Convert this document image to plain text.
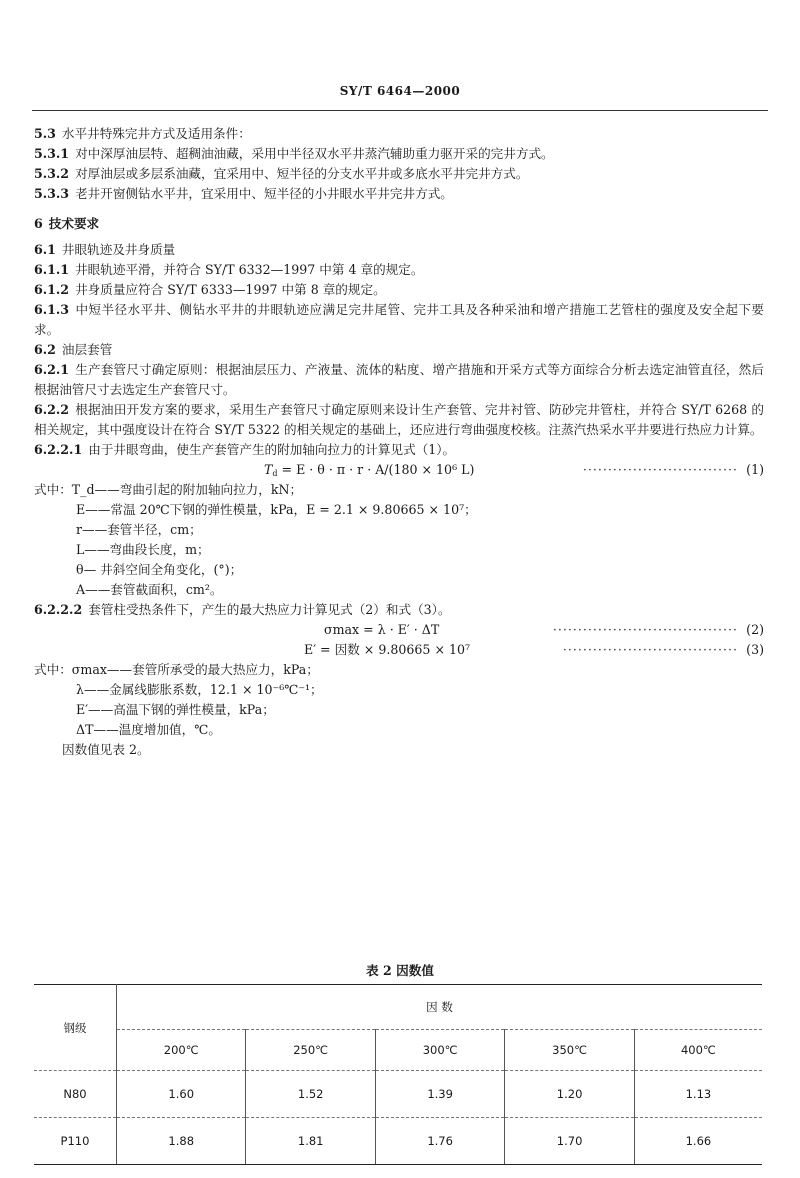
SY/T 6464—2000
5.3 水平井特殊完井方式及适用条件：
5.3.1 对中深厚油层特、超稠油油藏，采用中半径双水平井蒸汽辅助重力驱开采的完井方式。
5.3.2 对厚油层或多层系油藏，宜采用中、短半径的分支水平井或多底水平井完井方式。
5.3.3 老井开窗侧钻水平井，宜采用中、短半径的小井眼水平井完井方式。
6 技术要求
6.1 井眼轨迹及井身质量
6.1.1 井眼轨迹平滑，并符合 SY/T 6332—1997 中第 4 章的规定。
6.1.2 井身质量应符合 SY/T 6333—1997 中第 8 章的规定。
6.1.3 中短半径水平井、侧钻水平井的井眼轨迹应满足完井尾管、完井工具及各种采油和增产措施工艺管柱的强度及安全起下要求。
6.2 油层套管
6.2.1 生产套管尺寸确定原则：根据油层压力、产液量、流体的粘度、增产措施和开采方式等方面综合分析去选定油管直径，然后根据油管尺寸去选定生产套管尺寸。
6.2.2 根据油田开发方案的要求，采用生产套管尺寸确定原则来设计生产套管、完井衬管、防砂完井管柱，并符合 SY/T 6268 的相关规定，其中强度设计在符合 SY/T 5322 的相关规定的基础上，还应进行弯曲强度校核。注蒸汽热采水平井要进行热应力计算。
6.2.2.1 由于井眼弯曲，使生产套管产生的附加轴向拉力的计算见式（1）。
$T_d = E \cdot \theta \cdot \pi \cdot r \cdot A/(180 \times 10^6$ L)	······························· (1)
式中：T_d——弯曲引起的附加轴向拉力，kN；
E——常温 20℃下钢的弹性模量，kPa，E = 2.1 × 9.80665 × 10⁷；
r——套管半径，cm；
L——弯曲段长度，m；
θ— 井斜空间全角变化，(°)；
A——套管截面积，cm²。
6.2.2.2 套管柱受热条件下，产生的最大热应力计算见式（2）和式（3）。
σmax = λ · E′ · ΔT	····································· (2)
E′ = 因数 × 9.80665 × 10⁷	··································· (3)
式中：σmax——套管所承受的最大热应力，kPa；
λ——金属线膨胀系数，12.1 × 10⁻⁶℃⁻¹；
E′——高温下钢的弹性模量，kPa；
ΔT——温度增加值，℃。
因数值见表 2。
表 2 因数值
钢级	因 数				
	200℃	250℃	300℃	350℃	400℃
N80	1.60	1.52	1.39	1.20	1.13
P110	1.88	1.81	1.76	1.70	1.66
